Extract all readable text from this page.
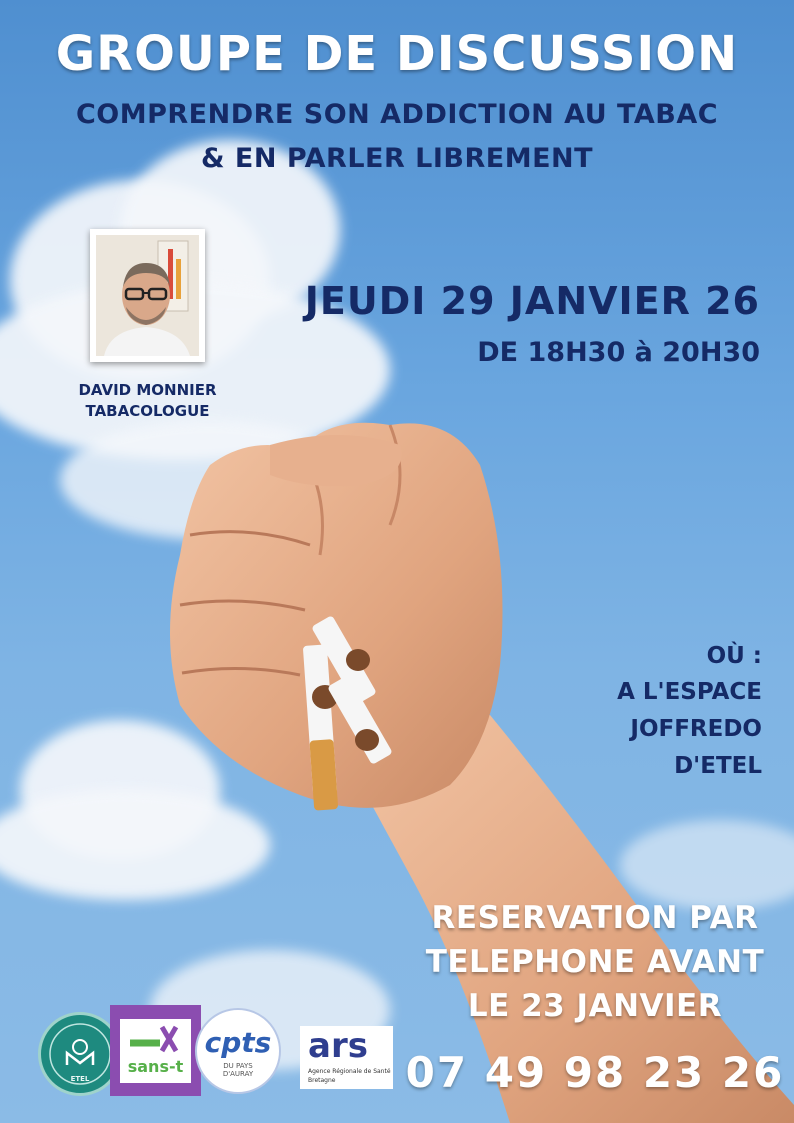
GROUPE DE DISCUSSION

COMPRENDRE SON ADDICTION AU TABAC

& EN PARLER LIBREMENT

DAVID MONNIER

TABACOLOGUE

JEUDI 29 JANVIER 26

DE 18H30 à 20H30

OÙ :

A L'ESPACE

JOFFREDO

D'ETEL

RESERVATION PAR

TELEPHONE AVANT

LE 23 JANVIER

07 49 98 23 26

ETEL
sans-t
cpts
DU PAYS D'AURAY
ars
Agence Régionale de Santé
Bretagne
